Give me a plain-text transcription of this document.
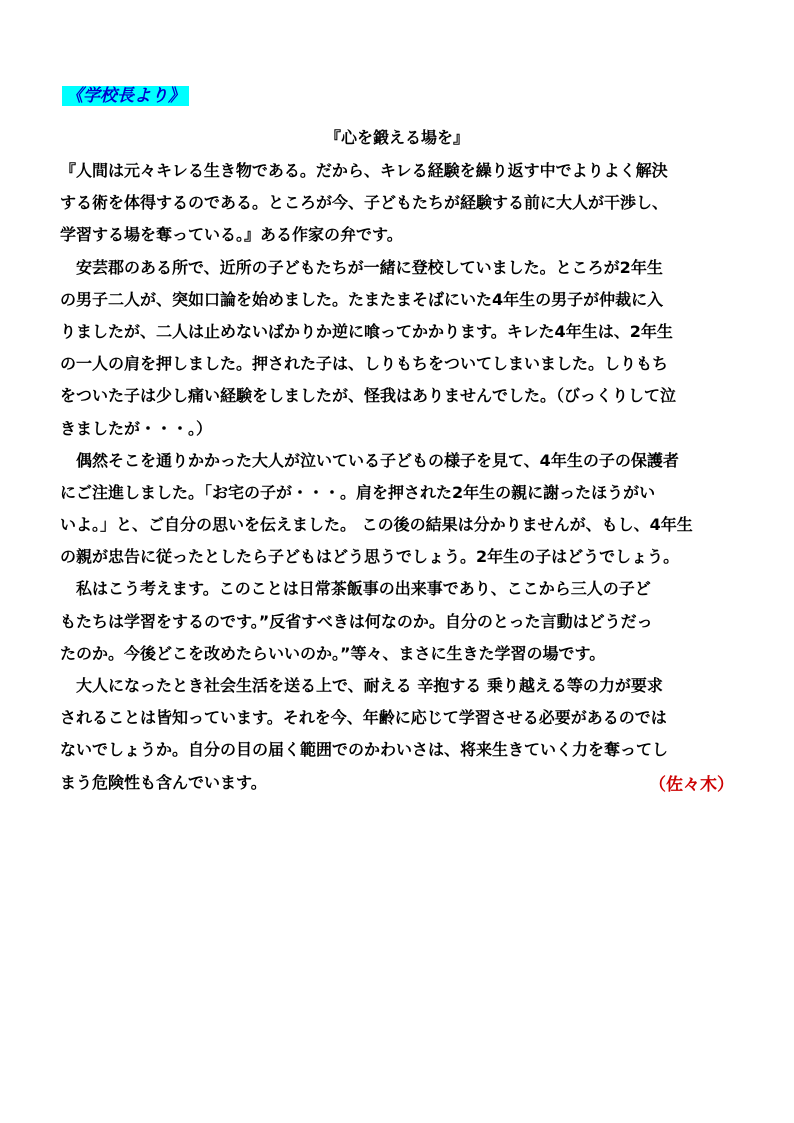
《学校長より》
『心を鍛える場を』
『人間は元々キレる生き物である。だから、キレる経験を繰り返す中でよりよく解決
する術を体得するのである。ところが今、子どもたちが経験する前に大人が干渉し、
学習する場を奪っている。』ある作家の弁です。
　安芸郡のある所で、近所の子どもたちが一緒に登校していました。ところが2年生
の男子二人が、突如口論を始めました。たまたまそばにいた4年生の男子が仲裁に入
りましたが、二人は止めないばかりか逆に喰ってかかります。キレた4年生は、2年生
の一人の肩を押しました。押された子は、しりもちをついてしまいました。しりもち
をついた子は少し痛い経験をしましたが、怪我はありませんでした。（びっくりして泣
きましたが・・・。）
　偶然そこを通りかかった大人が泣いている子どもの様子を見て、4年生の子の保護者
にご注進しました。「お宅の子が・・・。肩を押された2年生の親に謝ったほうがい
いよ。」と、ご自分の思いを伝えました。 この後の結果は分かりませんが、もし、4年生
の親が忠告に従ったとしたら子どもはどう思うでしょう。2年生の子はどうでしょう。
　私はこう考えます。このことは日常茶飯事の出来事であり、ここから三人の子ど
もたちは学習をするのです。”反省すべきは何なのか。自分のとった言動はどうだっ
たのか。今後どこを改めたらいいのか。”等々、まさに生きた学習の場です。
　大人になったとき社会生活を送る上で、耐える 辛抱する 乗り越える等の力が要求
されることは皆知っています。それを今、年齢に応じて学習させる必要があるのでは
ないでしょうか。自分の目の届く範囲でのかわいさは、将来生きていく力を奪ってし
まう危険性も含んでいます。	（佐々木）
